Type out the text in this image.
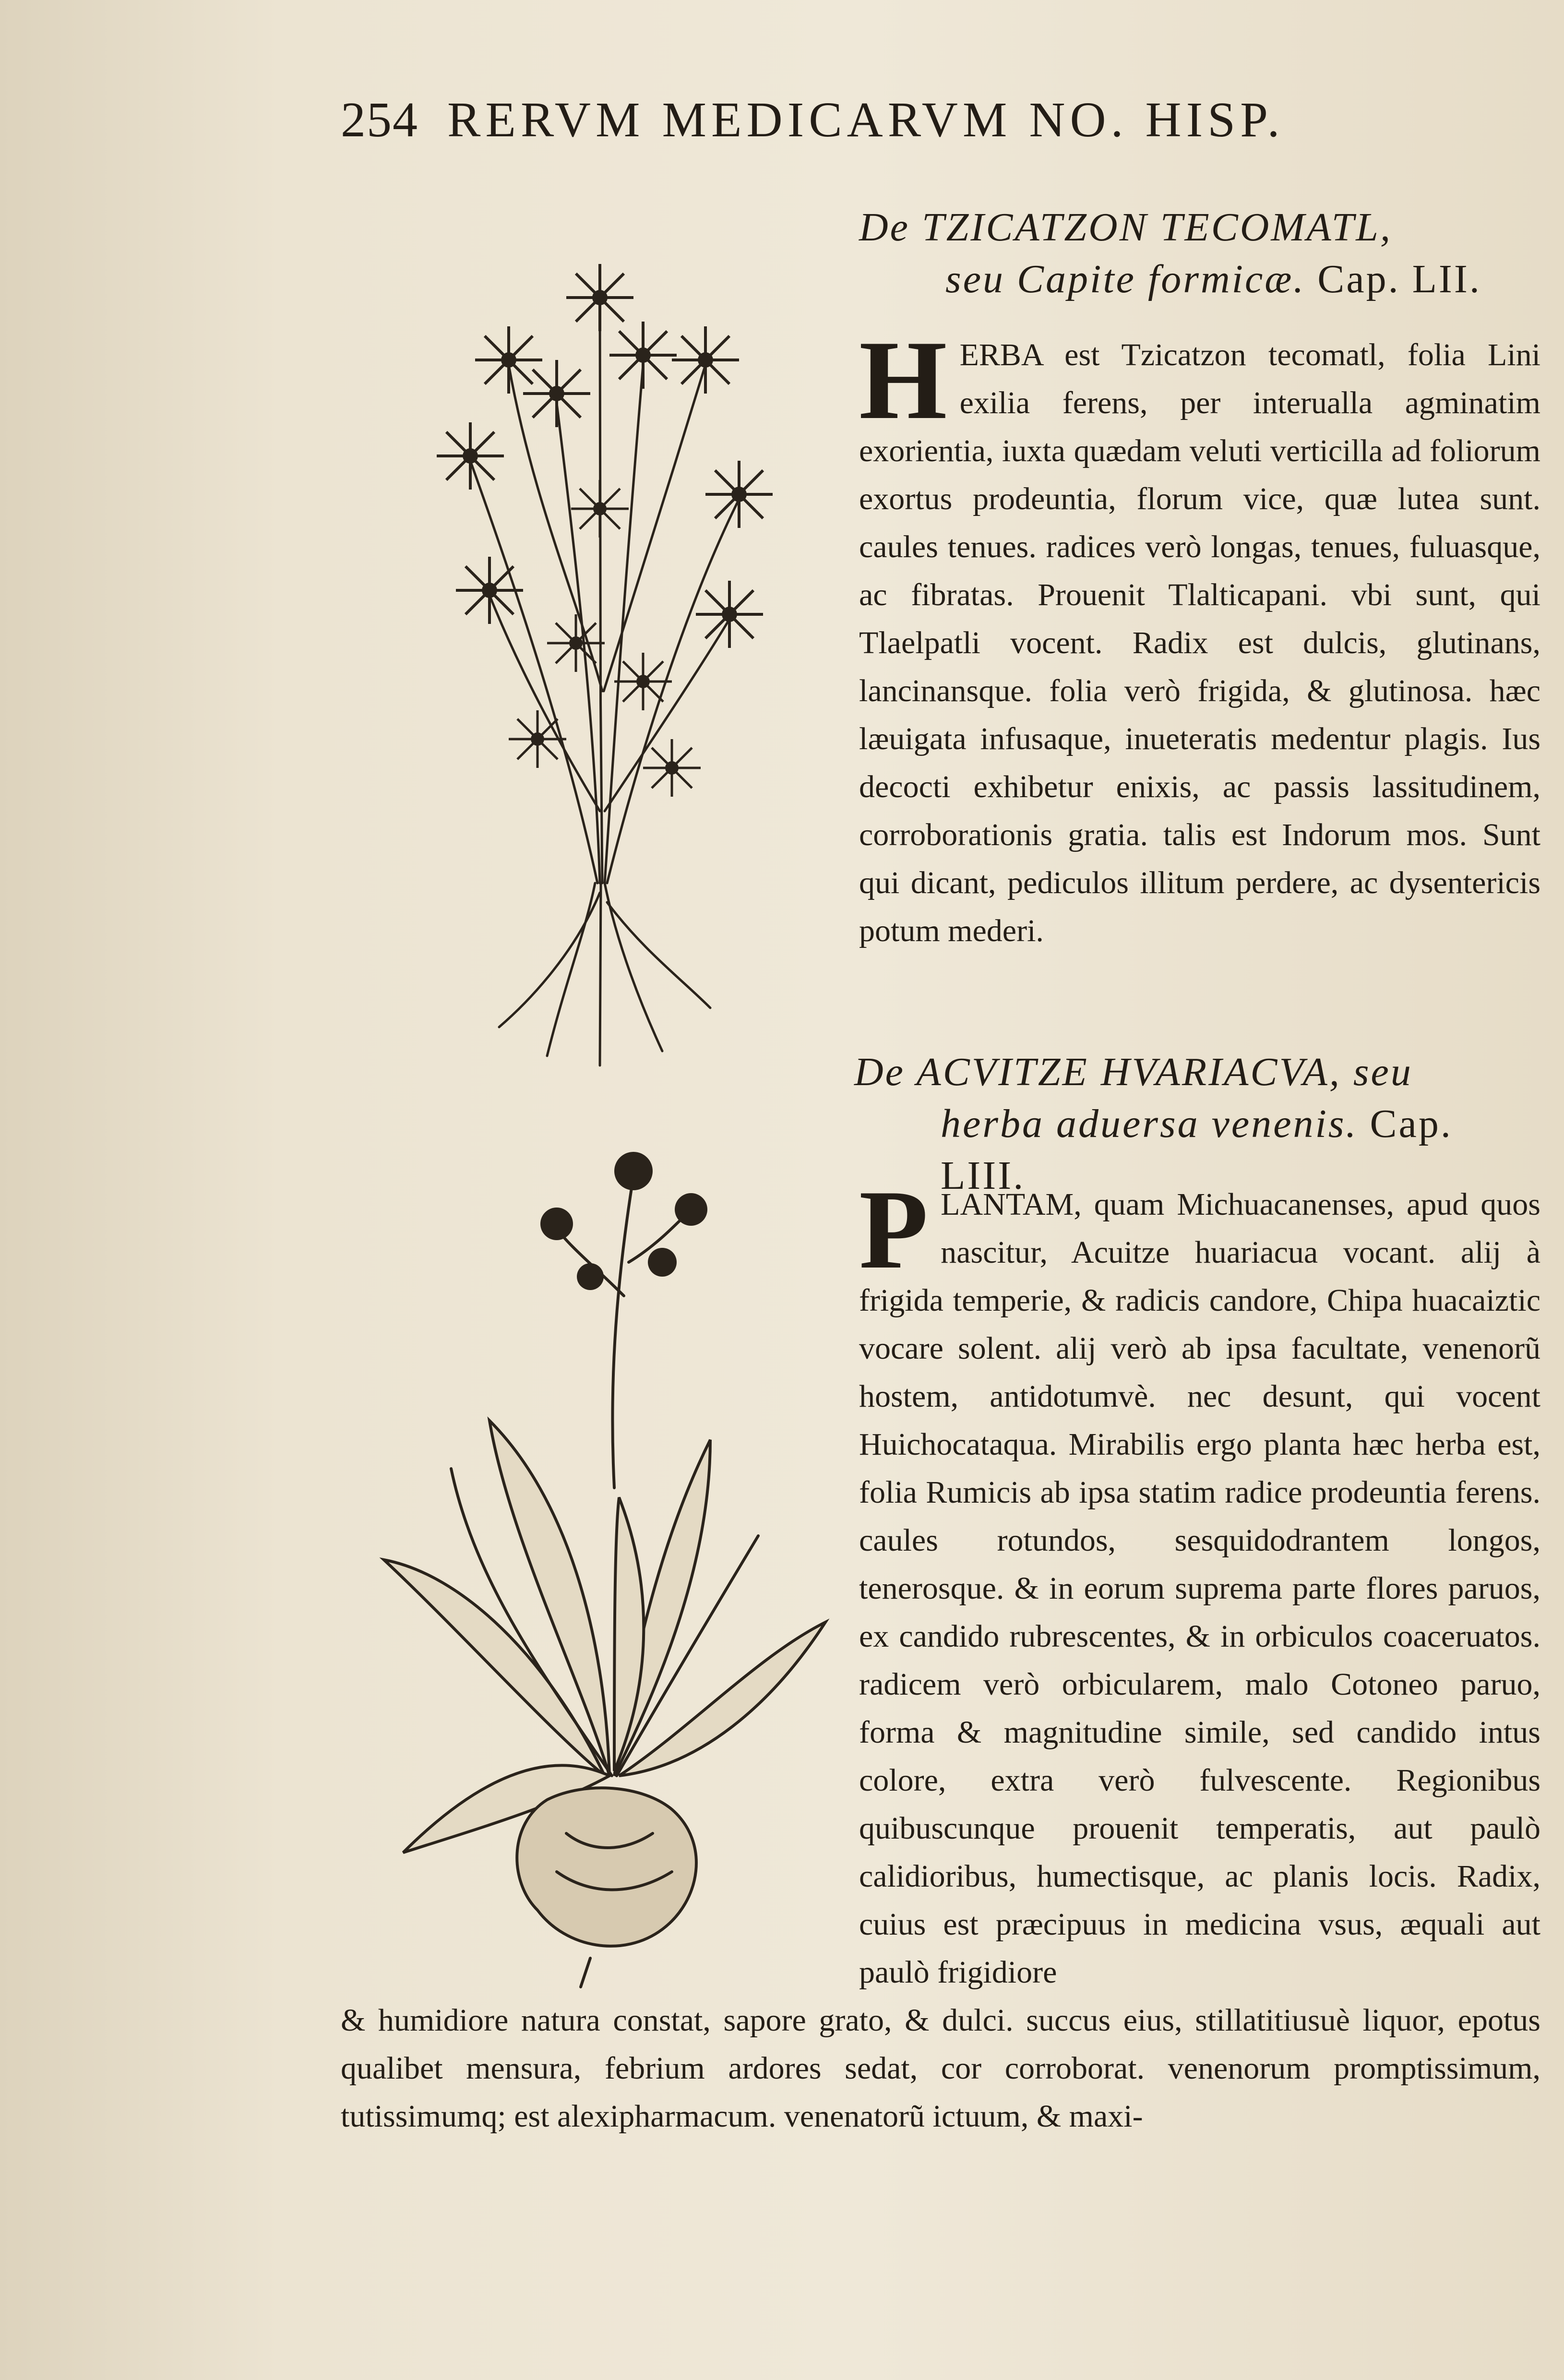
254 RERVM MEDICARVM NO. HISP.
De TZICATZON TECOMATL,
seu Capite formicæ. Cap. LII.
H ERBA est Tzicatzon tecomatl, folia Lini exilia ferens, per interualla agminatim exorientia, iuxta quædam veluti verticilla ad foliorum exortus prodeuntia, florum vice, quæ lutea sunt. caules tenues. radices verò longas, tenues, fuluasque, ac fibratas. Prouenit Tlalticapani. vbi sunt, qui Tlaelpatli vocent. Radix est dulcis, glutinans, lancinansque. folia verò frigida, & glutinosa. hæc læuigata infusaque, inueteratis medentur plagis. Ius decocti exhibetur enixis, ac passis lassitudinem, corroborationis gratia. talis est Indorum mos. Sunt qui dicant, pediculos illitum perdere, ac dysentericis potum mederi.
De ACVITZE HVARIACVA, seu
herba aduersa venenis. Cap. LIII.
P LANTAM, quam Michuacanenses, apud quos nascitur, Acuitze huariacua vocant. alij à frigida temperie, & radicis candore, Chipa huacaiztic vocare solent. alij verò ab ipsa facultate, venenorũ hostem, antidotumvè. nec desunt, qui vocent Huichocataqua. Mirabilis ergo planta hæc herba est, folia Rumicis ab ipsa statim radice prodeuntia ferens. caules rotundos, sesquidodrantem longos, tenerosque. & in eorum suprema parte flores paruos, ex candido rubrescentes, & in orbiculos coaceruatos. radicem verò orbicularem, malo Cotoneo paruo, forma & magnitudine simile, sed candido intus colore, extra verò fulvescente. Regionibus quibuscunque prouenit temperatis, aut paulò calidioribus, humectisque, ac planis locis. Radix, cuius est præcipuus in medicina vsus, æquali aut paulò frigidiore
& humidiore natura constat, sapore grato, & dulci. succus eius, stillatitiusuè liquor, epotus qualibet mensura, febrium ardores sedat, cor corroborat. venenorum promptissimum, tutissimumq; est alexipharmacum. venenatorũ ictuum, & maxi-
